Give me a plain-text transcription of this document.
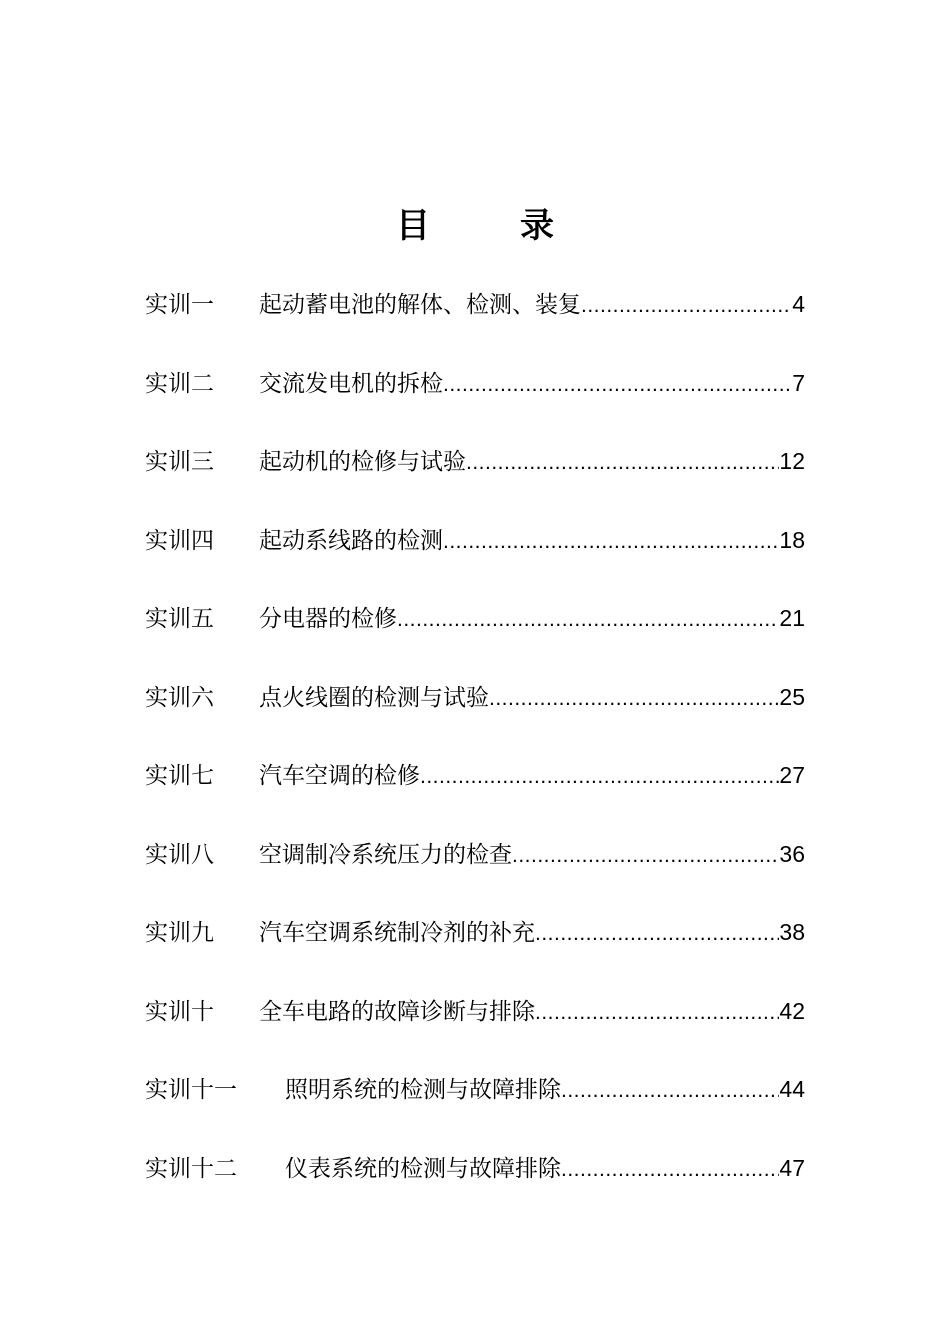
目　录
实训一	起动蓄电池的解体、检测、装复 .....	4
实训二	交流发电机的拆检 .....	7
实训三	起动机的检修与试验 .....	12
实训四	起动系线路的检测 .....	18
实训五	分电器的检修 .....	21
实训六	点火线圈的检测与试验 .....	25
实训七	汽车空调的检修 .....	27
实训八	空调制冷系统压力的检查 .....	36
实训九	汽车空调系统制冷剂的补充 .....	38
实训十	全车电路的故障诊断与排除 .....	42
实训十一	照明系统的检测与故障排除 .....	44
实训十二	仪表系统的检测与故障排除 .....	47
